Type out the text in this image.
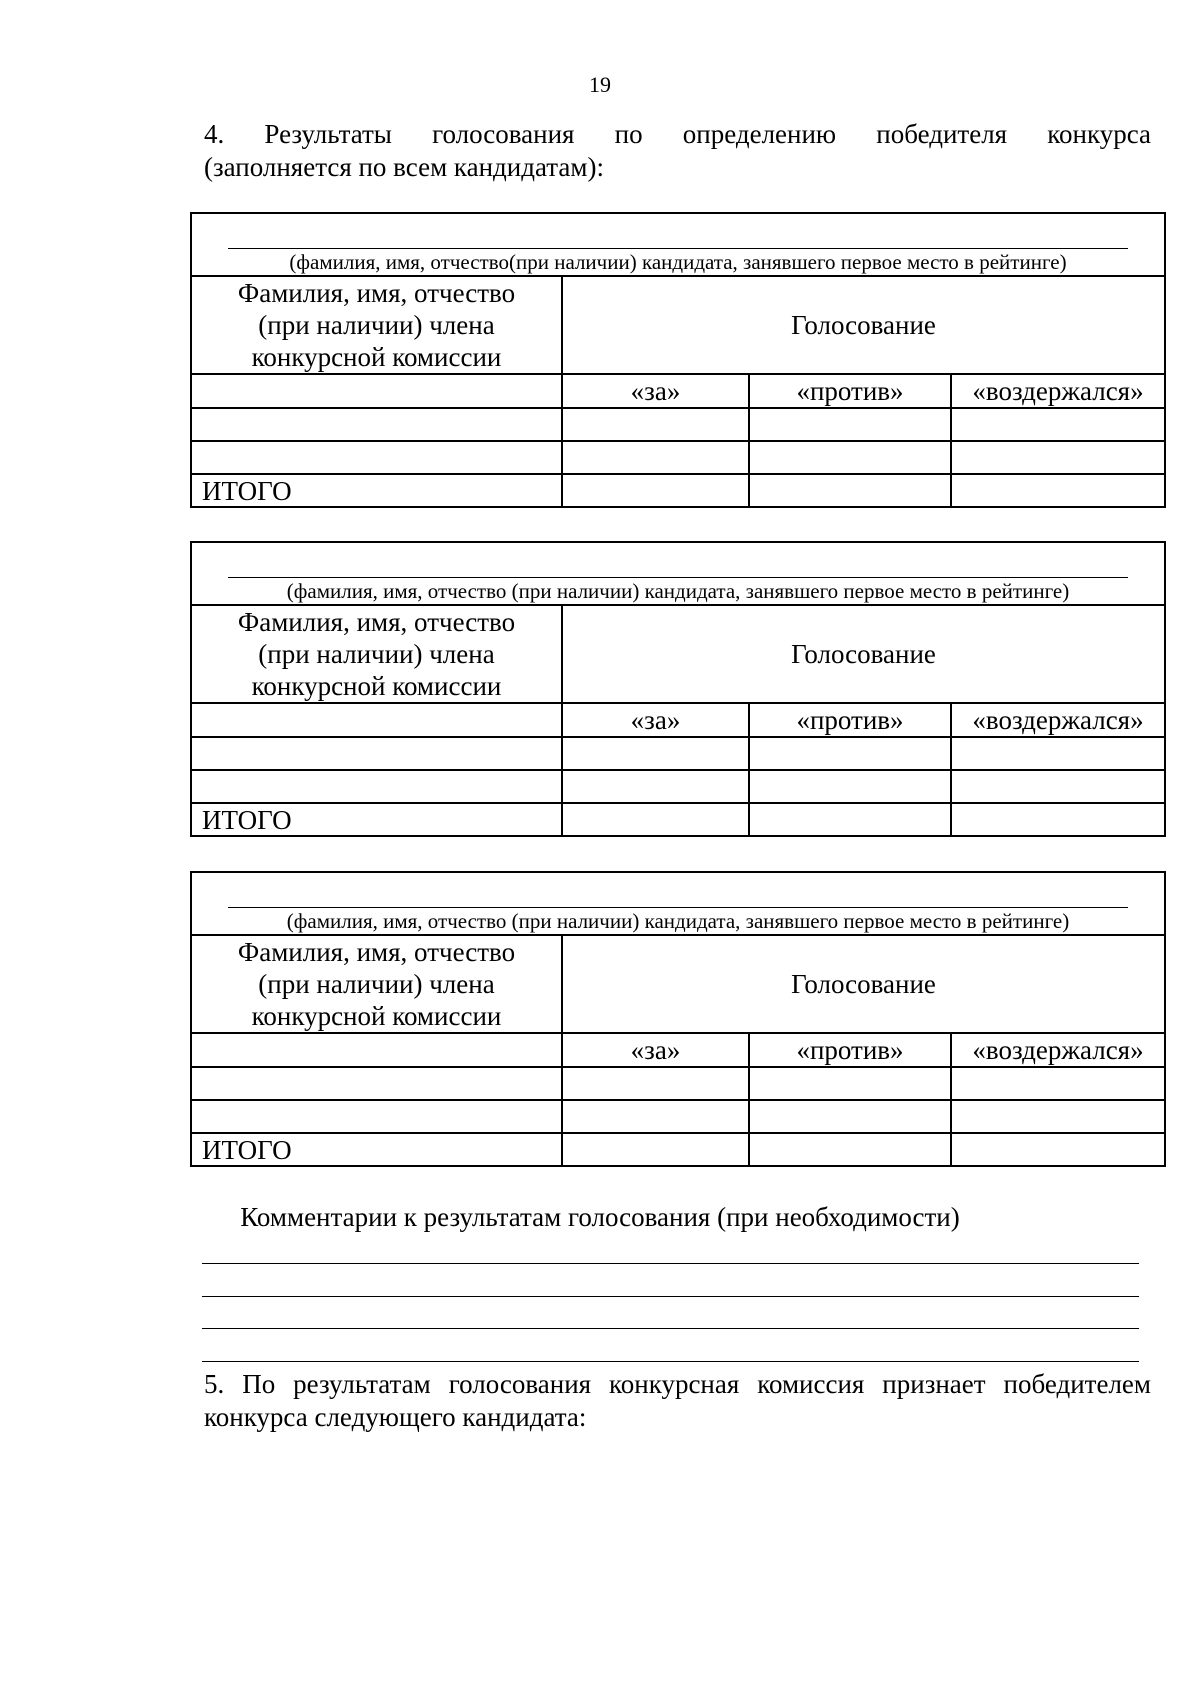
19
4. Результаты голосования по определению победителя конкурса
(заполняется по всем кандидатам):
(фамилия, имя, отчество(при наличии) кандидата, занявшего первое место в рейтинге)			

Фамилия, имя, отчество
(при наличии) члена
конкурсной комиссии	Голосование		

	«за»	«против»	«воздержался»

ИТОГО			
(фамилия, имя, отчество (при наличии) кандидата, занявшего первое место в рейтинге)			

Фамилия, имя, отчество
(при наличии) члена
конкурсной комиссии	Голосование		

	«за»	«против»	«воздержался»

ИТОГО			
(фамилия, имя, отчество (при наличии) кандидата, занявшего первое место в рейтинге)			

Фамилия, имя, отчество
(при наличии) члена
конкурсной комиссии	Голосование		

	«за»	«против»	«воздержался»

ИТОГО			
Комментарии к результатам голосования (при необходимости)
5. По результатам голосования конкурсная комиссия признает победителем конкурса следующего кандидата:
